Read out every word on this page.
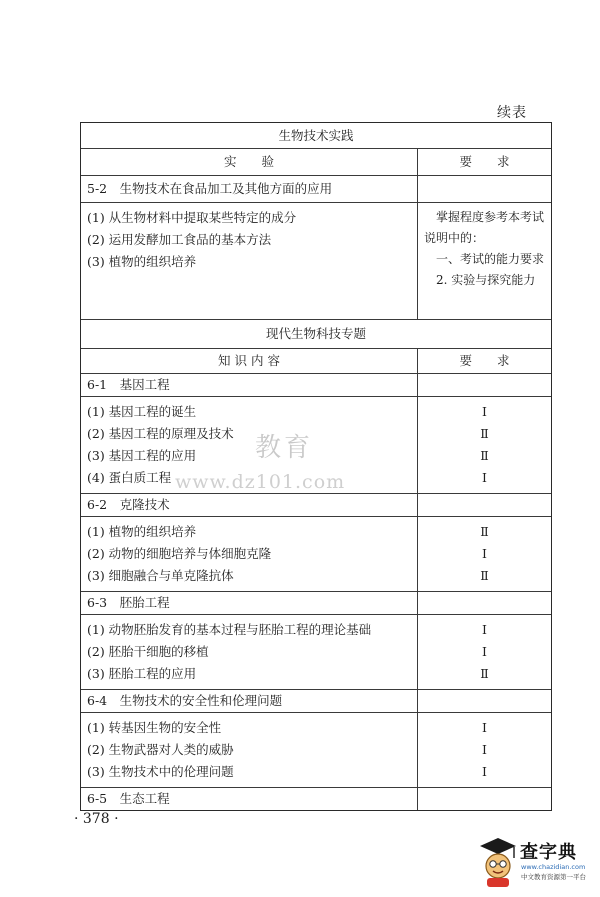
续表
生物技术实践
实　　验	要　　求
5-2　生物技术在食品加工及其他方面的应用
(1) 从生物材料中提取某些特定的成分
(2) 运用发酵加工食品的基本方法
(3) 植物的组织培养
　掌握程度参考本考试说明中的：
　一、考试的能力要求
　2. 实验与探究能力
现代生物科技专题
知 识 内 容	要　　求
6-1　基因工程
(1) 基因工程的诞生
(2) 基因工程的原理及技术
(3) 基因工程的应用
(4) 蛋白质工程
Ⅰ
Ⅱ
Ⅱ
Ⅰ
6-2　克隆技术
(1) 植物的组织培养
(2) 动物的细胞培养与体细胞克隆
(3) 细胞融合与单克隆抗体
Ⅱ
Ⅰ
Ⅱ
6-3　胚胎工程
(1) 动物胚胎发育的基本过程与胚胎工程的理论基础
(2) 胚胎干细胞的移植
(3) 胚胎工程的应用
Ⅰ
Ⅰ
Ⅱ
6-4　生物技术的安全性和伦理问题
(1) 转基因生物的安全性
(2) 生物武器对人类的威胁
(3) 生物技术中的伦理问题
Ⅰ
Ⅰ
Ⅰ
6-5　生态工程
教育
www.dz101.com
· 378 ·
查字典
www.chazidian.com
中文教育资源第一平台
